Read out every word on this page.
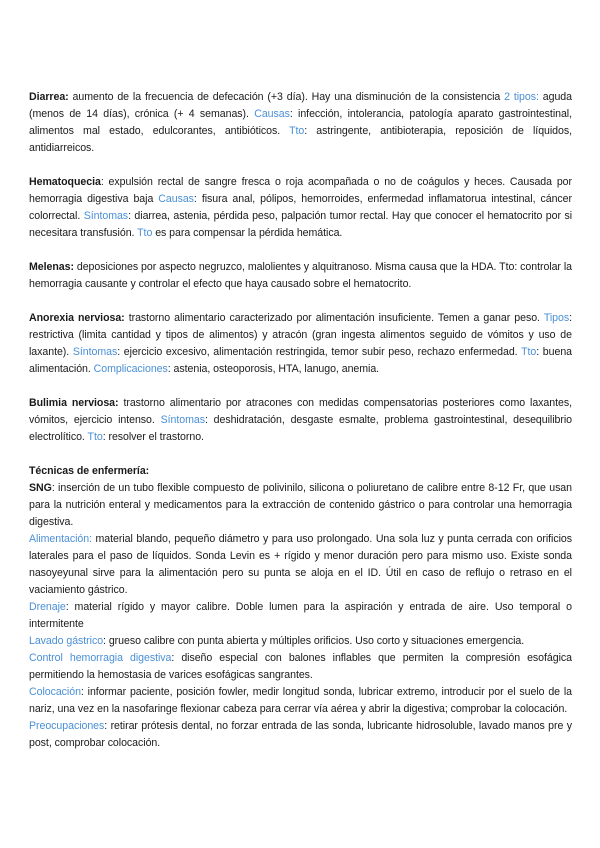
Diarrea: aumento de la frecuencia de defecación (+3 día). Hay una disminución de la consistencia 2 tipos: aguda (menos de 14 días), crónica (+ 4 semanas). Causas: infección, intolerancia, patología aparato gastrointestinal, alimentos mal estado, edulcorantes, antibióticos. Tto: astringente, antibioterapia, reposición de líquidos, antidiarreicos.

Hematoquecia: expulsión rectal de sangre fresca o roja acompañada o no de coágulos y heces. Causada por hemorragia digestiva baja Causas: fisura anal, pólipos, hemorroides, enfermedad inflamatorua intestinal, cáncer colorrectal. Síntomas: diarrea, astenia, pérdida peso, palpación tumor rectal. Hay que conocer el hematocrito por si necesitara transfusión. Tto es para compensar la pérdida hemática.

Melenas: deposiciones por aspecto negruzco, malolientes y alquitranoso. Misma causa que la HDA. Tto: controlar la hemorragia causante y controlar el efecto que haya causado sobre el hematocrito.

Anorexia nerviosa: trastorno alimentario caracterizado por alimentación insuficiente. Temen a ganar peso. Tipos: restrictiva (limita cantidad y tipos de alimentos) y atracón (gran ingesta alimentos seguido de vómitos y uso de laxante). Síntomas: ejercicio excesivo, alimentación restringida, temor subir peso, rechazo enfermedad. Tto: buena alimentación. Complicaciones: astenia, osteoporosis, HTA, lanugo, anemia.

Bulimia nerviosa: trastorno alimentario por atracones con medidas compensatorias posteriores como laxantes, vómitos, ejercicio intenso. Síntomas: deshidratación, desgaste esmalte, problema gastrointestinal, desequilibrio electrolítico. Tto: resolver el trastorno.

Técnicas de enfermería:

SNG: inserción de un tubo flexible compuesto de polivinilo, silicona o poliuretano de calibre entre 8-12 Fr, que usan para la nutrición enteral y medicamentos para la extracción de contenido gástrico o para controlar una hemorragia digestiva.

Alimentación: material blando, pequeño diámetro y para uso prolongado. Una sola luz y punta cerrada con orificios laterales para el paso de líquidos. Sonda Levin es + rígido y menor duración pero para mismo uso. Existe sonda nasoyeyunal sirve para la alimentación pero su punta se aloja en el ID. Útil en caso de reflujo o retraso en el vaciamiento gástrico.

Drenaje: material rígido y mayor calibre. Doble lumen para la aspiración y entrada de aire. Uso temporal o intermitente

Lavado gástrico: grueso calibre con punta abierta y múltiples orificios. Uso corto y situaciones emergencia.

Control hemorragia digestiva: diseño especial con balones inflables que permiten la compresión esofágica permitiendo la hemostasia de varices esofágicas sangrantes.

Colocación: informar paciente, posición fowler, medir longitud sonda, lubricar extremo, introducir por el suelo de la nariz, una vez en la nasofaringe flexionar cabeza para cerrar vía aérea y abrir la digestiva; comprobar la colocación.

Preocupaciones: retirar prótesis dental, no forzar entrada de las sonda, lubricante hidrosoluble, lavado manos pre y post, comprobar colocación.
